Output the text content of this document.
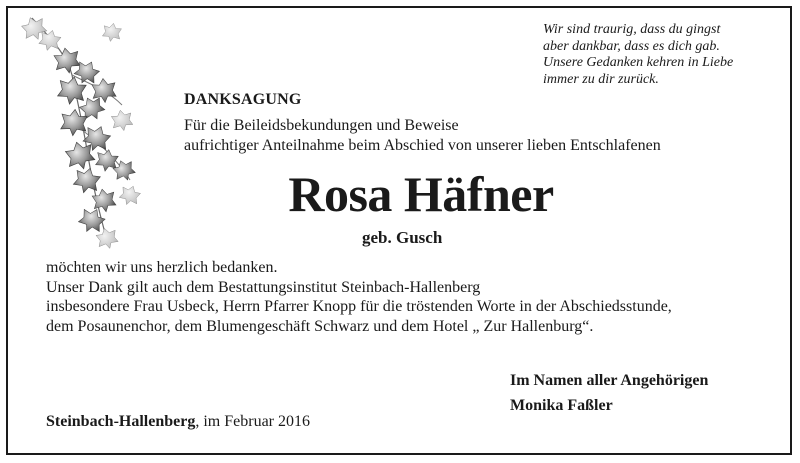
Wir sind traurig, dass du gingst
aber dankbar, dass es dich gab.
Unsere Gedanken kehren in Liebe
immer zu dir zurück.
DANKSAGUNG
Für die Beileidsbekundungen und Beweise
aufrichtiger Anteilnahme beim Abschied von unserer lieben Entschlafenen
Rosa Häfner
geb. Gusch
möchten wir uns herzlich bedanken.
Unser Dank gilt auch dem Bestattungsinstitut Steinbach-Hallenberg
insbesondere Frau Usbeck, Herrn Pfarrer Knopp für die tröstenden Worte in der Abschiedsstunde,
dem Posaunenchor, dem Blumengeschäft Schwarz und dem Hotel „ Zur Hallenburg“.
Im Namen aller Angehörigen
Monika Faßler
Steinbach-Hallenberg, im Februar 2016
